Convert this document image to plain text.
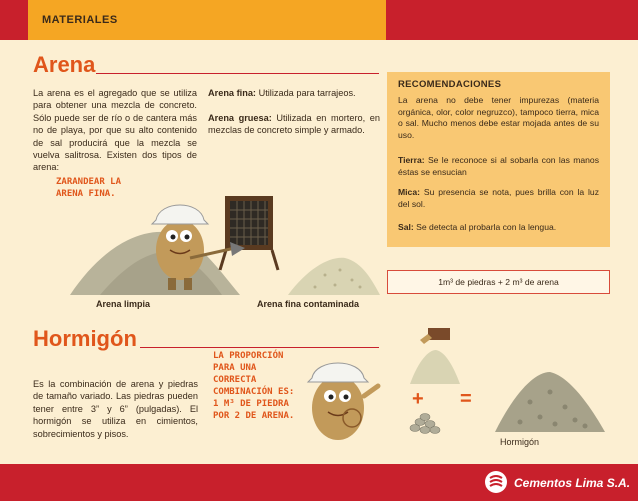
MATERIALES
Arena
La arena es el agregado que se utiliza para obtener una mezcla de concreto. Sólo puede ser de río o de cantera más no de playa, por que su alto contenido de sal producirá que la mezcla se vuelva salitrosa. Existen dos tipos de arena:
Arena fina: Utilizada para tarrajeos.
Arena gruesa: Utilizada en mortero, en mezclas de concreto simple y armado.
ZARANDEAR LA ARENA FINA.
Arena limpia	Arena fina contaminada
RECOMENDACIONES
La arena no debe tener impurezas (materia orgánica, olor, color negruzco), tampoco tierra, mica o sal. Mucho menos debe estar mojada antes de su uso.
Tierra: Se le reconoce si al sobarla con las manos éstas se ensucian
Mica: Su presencia se nota, pues brilla con la luz del sol.
Sal: Se detecta al probarla con la lengua.
1m³ de piedras + 2 m³ de arena
Hormigón
Es la combinación de arena y piedras de tamaño variado. Las piedras pueden tener entre 3” y 6” (pulgadas). El hormigón se utiliza en cimientos, sobrecimientos y pisos.
LA PROPORCIÓN PARA UNA CORRECTA COMBINACIÓN ES: 1 M³ DE PIEDRA POR 2 DE ARENA.
+ =
Hormigón
Cementos Lima S.A.
